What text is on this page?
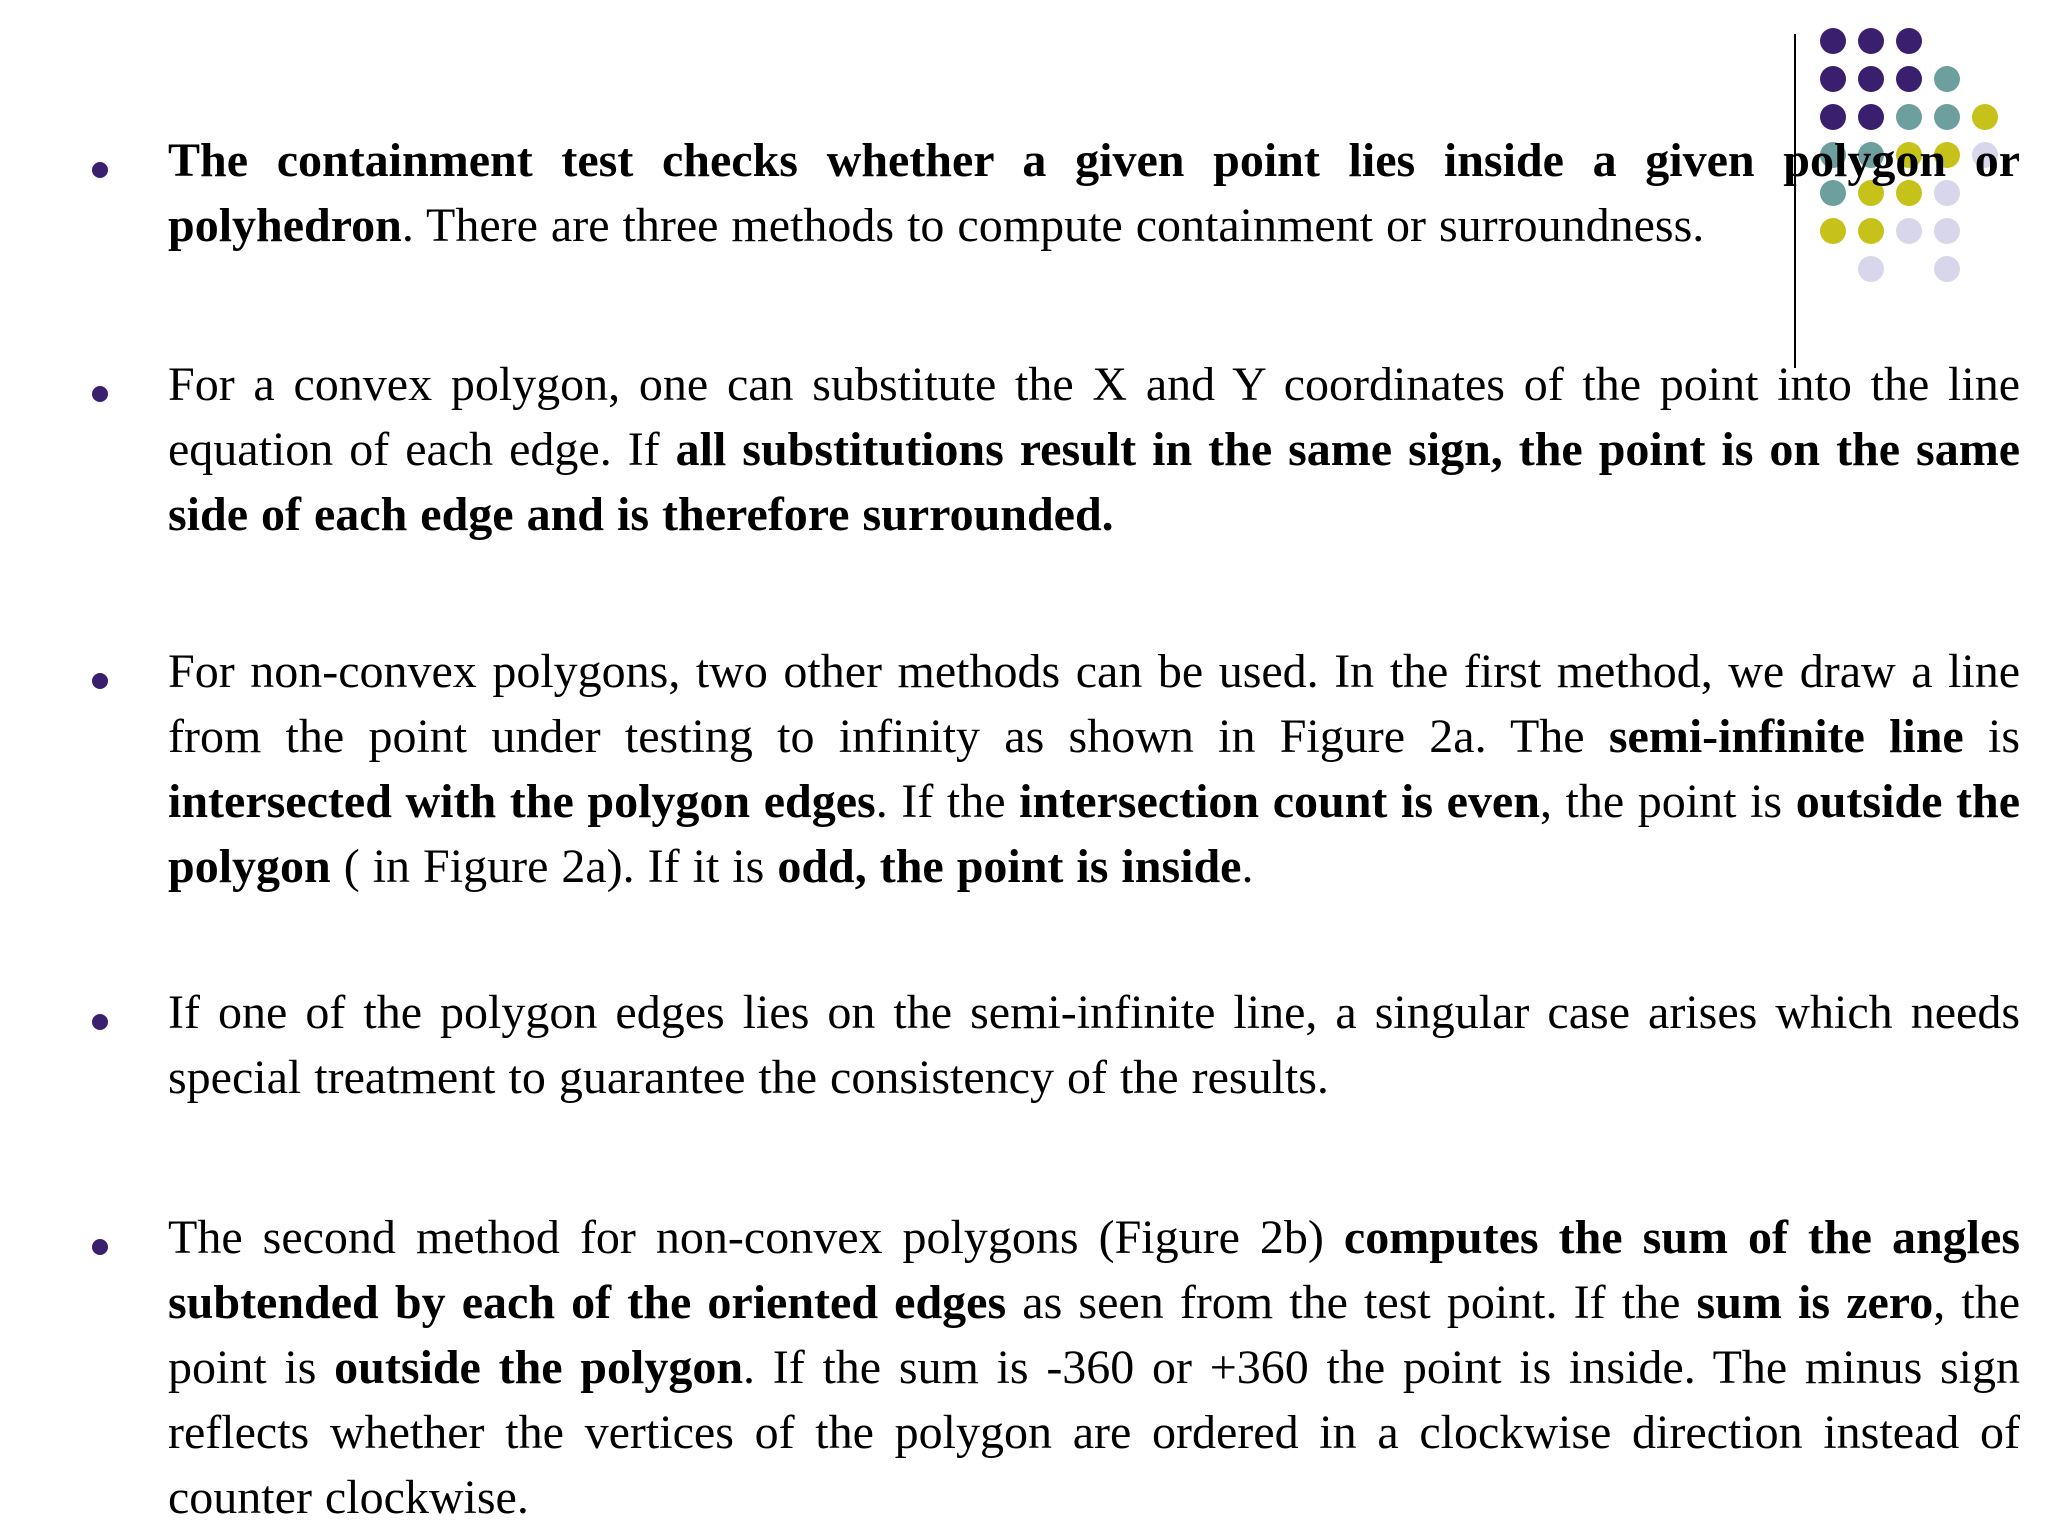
The containment test checks whether a given point lies inside a given polygon or polyhedron. There are three methods to compute containment or surroundness.
For a convex polygon, one can substitute the X and Y coordinates of the point into the line equation of each edge. If all substitutions result in the same sign, the point is on the same side of each edge and is therefore surrounded.
For non-convex polygons, two other methods can be used. In the first method, we draw a line from the point under testing to infinity as shown in Figure 2a. The semi-infinite line is intersected with the polygon edges. If the intersection count is even, the point is outside the polygon ( in Figure 2a). If it is odd, the point is inside.
If one of the polygon edges lies on the semi-infinite line, a singular case arises which needs special treatment to guarantee the consistency of the results.
The second method for non-convex polygons (Figure 2b) computes the sum of the angles subtended by each of the oriented edges as seen from the test point. If the sum is zero, the point is outside the polygon. If the sum is -360 or +360 the point is inside. The minus sign reflects whether the vertices of the polygon are ordered in a clockwise direction instead of counter clockwise.
